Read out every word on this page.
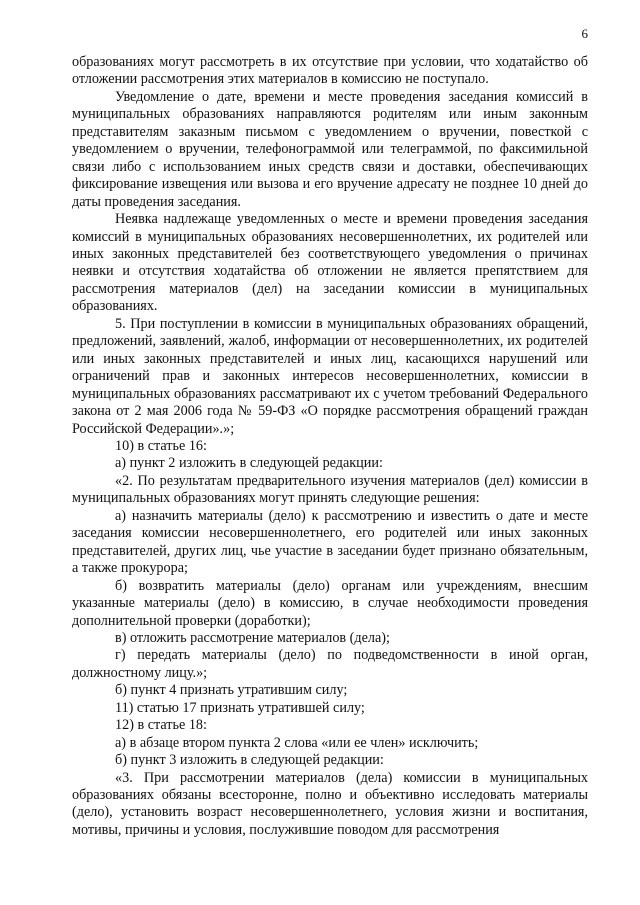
6

образованиях могут рассмотреть в их отсутствие при условии, что ходатайство об отложении рассмотрения этих материалов в комиссию не поступало.

Уведомление о дате, времени и месте проведения заседания комиссий в муниципальных образованиях направляются родителям или иным законным представителям заказным письмом с уведомлением о вручении, повесткой с уведомлением о вручении, телефонограммой или телеграммой, по факсимильной связи либо с использованием иных средств связи и доставки, обеспечивающих фиксирование извещения или вызова и его вручение адресату не позднее 10 дней до даты проведения заседания.

Неявка надлежаще уведомленных о месте и времени проведения заседания комиссий в муниципальных образованиях несовершеннолетних, их родителей или иных законных представителей без соответствующего уведомления о причинах неявки и отсутствия ходатайства об отложении не является препятствием для рассмотрения материалов (дел) на заседании комиссии в муниципальных образованиях.

5. При поступлении в комиссии в муниципальных образованиях обращений, предложений, заявлений, жалоб, информации от несовершеннолетних, их родителей или иных законных представителей и иных лиц, касающихся нарушений или ограничений прав и законных интересов несовершеннолетних, комиссии в муниципальных образованиях рассматривают их с учетом требований Федерального закона от 2 мая 2006 года № 59-ФЗ «О порядке рассмотрения обращений граждан Российской Федерации».»;

10) в статье 16:

а) пункт 2 изложить в следующей редакции:

«2. По результатам предварительного изучения материалов (дел) комиссии в муниципальных образованиях могут принять следующие решения:

а) назначить материалы (дело) к рассмотрению и известить о дате и месте заседания комиссии несовершеннолетнего, его родителей или иных законных представителей, других лиц, чье участие в заседании будет признано обязательным, а также прокурора;

б) возвратить материалы (дело) органам или учреждениям, внесшим указанные материалы (дело) в комиссию, в случае необходимости проведения дополнительной проверки (доработки);

в) отложить рассмотрение материалов (дела);

г) передать материалы (дело) по подведомственности в иной орган, должностному лицу.»;

б) пункт 4 признать утратившим силу;

11) статью 17 признать утратившей силу;

12) в статье 18:

а) в абзаце втором пункта 2 слова «или ее член» исключить;

б) пункт 3 изложить в следующей редакции:

«3. При рассмотрении материалов (дела) комиссии в муниципальных образованиях обязаны всесторонне, полно и объективно исследовать материалы (дело), установить возраст несовершеннолетнего, условия жизни и воспитания, мотивы, причины и условия, послужившие поводом для рассмотрения
